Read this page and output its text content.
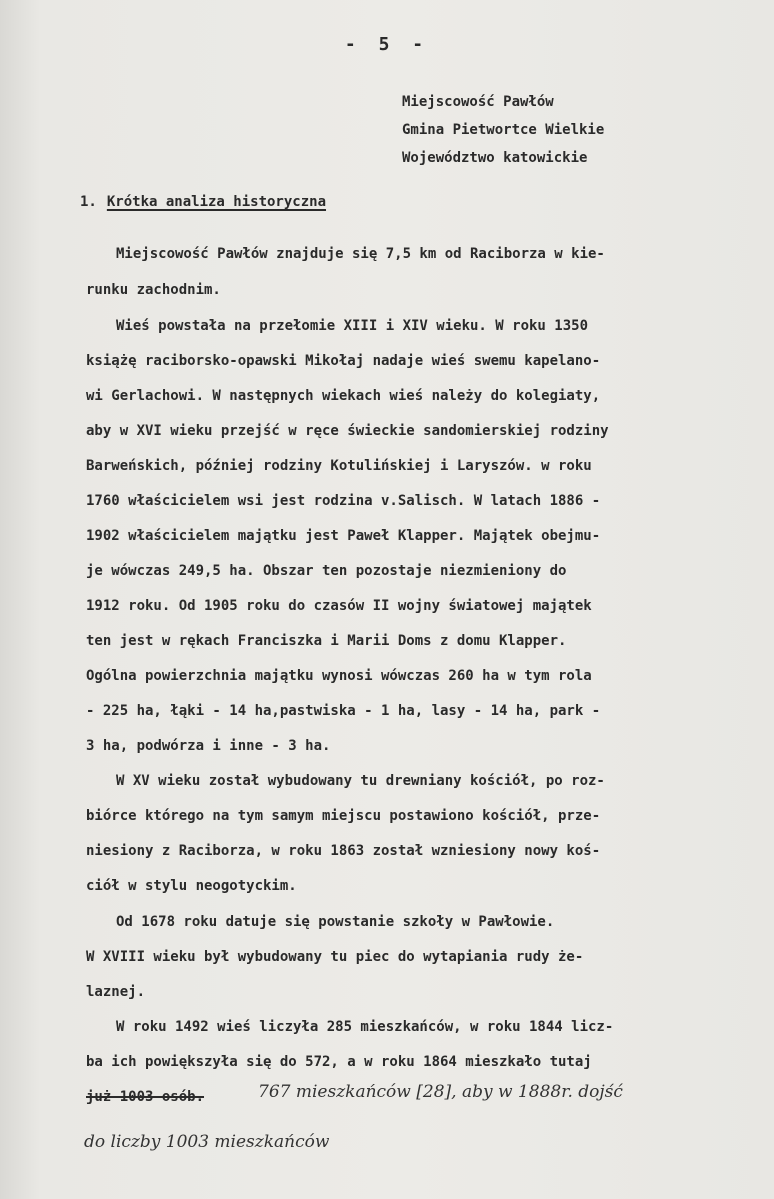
- 5 -
Miejscowość Pawłów
Gmina Pietwortce Wielkie
Województwo katowickie
1. Krótka analiza historyczna
Miejscowość Pawłów znajduje się 7,5 km od Raciborza w kie-
runku zachodnim.
Wieś powstała na przełomie XIII i XIV wieku. W roku 1350
książę raciborsko-opawski Mikołaj nadaje wieś swemu kapelano-
wi Gerlachowi. W następnych wiekach wieś należy do kolegiaty,
aby w XVI wieku przejść w ręce świeckie sandomierskiej rodziny
Barweńskich, później rodziny Kotulińskiej i Laryszów. w roku
1760 właścicielem wsi jest rodzina v.Salisch. W latach 1886 -
1902 właścicielem majątku jest Paweł Klapper. Majątek obejmu-
je wówczas 249,5 ha. Obszar ten pozostaje niezmieniony do
1912 roku. Od 1905 roku do czasów II wojny światowej majątek
ten jest w rękach Franciszka i Marii Doms z domu Klapper.
Ogólna powierzchnia majątku wynosi wówczas 260 ha w tym rola
- 225 ha, łąki - 14 ha,pastwiska - 1 ha, lasy - 14 ha, park -
3 ha, podwórza i inne - 3 ha.
W XV wieku został wybudowany tu drewniany kościół, po roz-
biórce którego na tym samym miejscu postawiono kościół, prze-
niesiony z Raciborza, w roku 1863 został wzniesiony nowy koś-
ciół w stylu neogotyckim.
Od 1678 roku datuje się powstanie szkoły w Pawłowie.
W XVIII wieku był wybudowany tu piec do wytapiania rudy że-
laznej.
W roku 1492 wieś liczyła 285 mieszkańców, w roku 1844 licz-
ba ich powiększyła się do 572, a w roku 1864 mieszkało tutaj
już 1003 osób.	767 mieszkańców [28], aby w 1888r. dojść
do liczby 1003 mieszkańców
